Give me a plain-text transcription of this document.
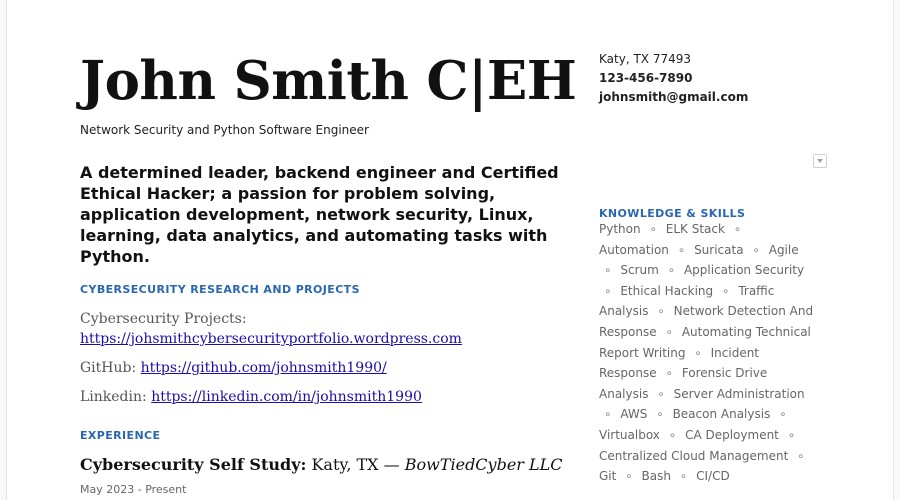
John Smith C|EH
Network Security and Python Software Engineer
Katy, TX 77493
123-456-7890
johnsmith@gmail.com
A determined leader, backend engineer and Certified Ethical Hacker; a passion for problem solving, application development, network security, Linux, learning, data analytics, and automating tasks with Python.
CYBERSECURITY RESEARCH AND PROJECTS
Cybersecurity Projects:
https://johsmithcybersecurityportfolio.wordpress.com
GitHub: https://github.com/johnsmith1990/
Linkedin: https://linkedin.com/in/johnsmith1990
EXPERIENCE
Cybersecurity Self Study: Katy, TX — BowTiedCyber LLC
May 2023 - Present
KNOWLEDGE & SKILLS
Python ∘ ELK Stack ∘ Automation ∘ Suricata ∘ Agile ∘ Scrum ∘ Application Security ∘ Ethical Hacking ∘ Traffic Analysis ∘ Network Detection And Response ∘ Automating Technical Report Writing ∘ Incident Response ∘ Forensic Drive Analysis ∘ Server Administration ∘ AWS ∘ Beacon Analysis ∘ Virtualbox ∘ CA Deployment ∘ Centralized Cloud Management ∘ Git ∘ Bash ∘ CI/CD
